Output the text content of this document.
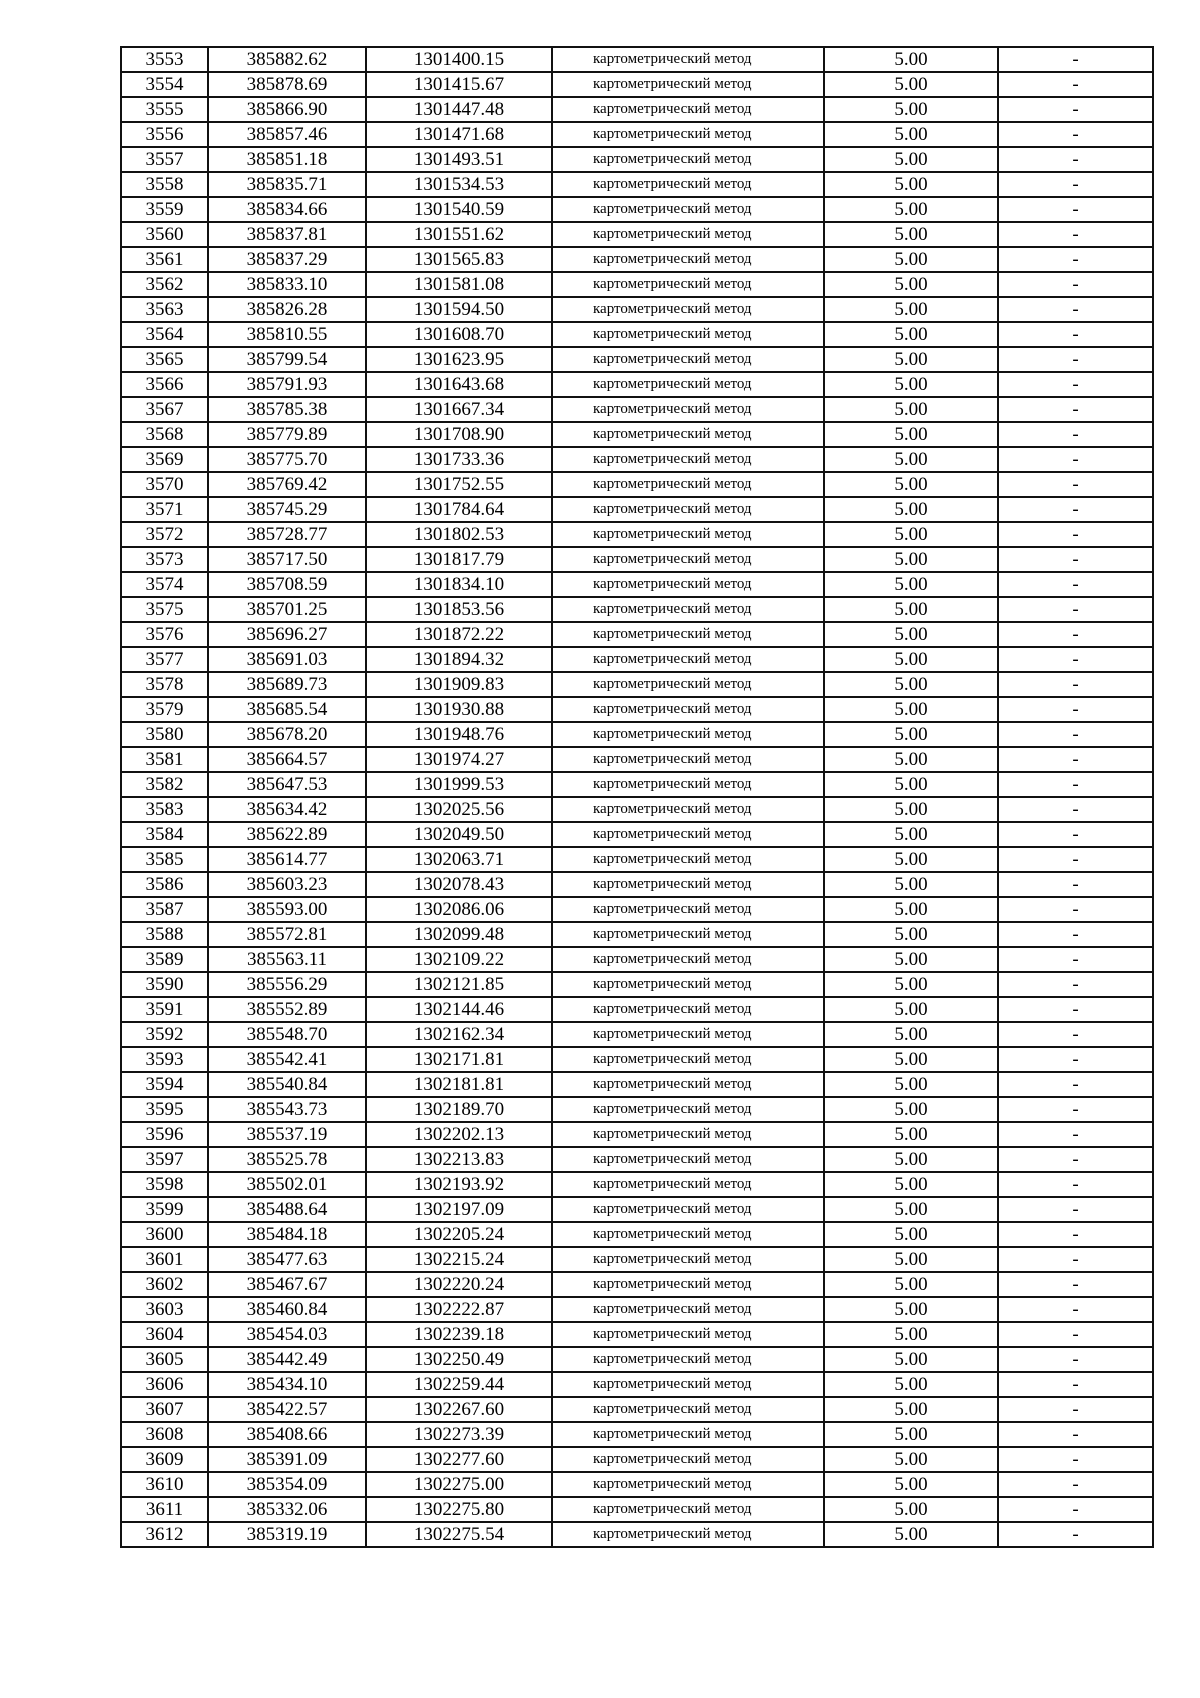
3553	385882.62	1301400.15	картометрический метод	5.00	-
3554	385878.69	1301415.67	картометрический метод	5.00	-
3555	385866.90	1301447.48	картометрический метод	5.00	-
3556	385857.46	1301471.68	картометрический метод	5.00	-
3557	385851.18	1301493.51	картометрический метод	5.00	-
3558	385835.71	1301534.53	картометрический метод	5.00	-
3559	385834.66	1301540.59	картометрический метод	5.00	-
3560	385837.81	1301551.62	картометрический метод	5.00	-
3561	385837.29	1301565.83	картометрический метод	5.00	-
3562	385833.10	1301581.08	картометрический метод	5.00	-
3563	385826.28	1301594.50	картометрический метод	5.00	-
3564	385810.55	1301608.70	картометрический метод	5.00	-
3565	385799.54	1301623.95	картометрический метод	5.00	-
3566	385791.93	1301643.68	картометрический метод	5.00	-
3567	385785.38	1301667.34	картометрический метод	5.00	-
3568	385779.89	1301708.90	картометрический метод	5.00	-
3569	385775.70	1301733.36	картометрический метод	5.00	-
3570	385769.42	1301752.55	картометрический метод	5.00	-
3571	385745.29	1301784.64	картометрический метод	5.00	-
3572	385728.77	1301802.53	картометрический метод	5.00	-
3573	385717.50	1301817.79	картометрический метод	5.00	-
3574	385708.59	1301834.10	картометрический метод	5.00	-
3575	385701.25	1301853.56	картометрический метод	5.00	-
3576	385696.27	1301872.22	картометрический метод	5.00	-
3577	385691.03	1301894.32	картометрический метод	5.00	-
3578	385689.73	1301909.83	картометрический метод	5.00	-
3579	385685.54	1301930.88	картометрический метод	5.00	-
3580	385678.20	1301948.76	картометрический метод	5.00	-
3581	385664.57	1301974.27	картометрический метод	5.00	-
3582	385647.53	1301999.53	картометрический метод	5.00	-
3583	385634.42	1302025.56	картометрический метод	5.00	-
3584	385622.89	1302049.50	картометрический метод	5.00	-
3585	385614.77	1302063.71	картометрический метод	5.00	-
3586	385603.23	1302078.43	картометрический метод	5.00	-
3587	385593.00	1302086.06	картометрический метод	5.00	-
3588	385572.81	1302099.48	картометрический метод	5.00	-
3589	385563.11	1302109.22	картометрический метод	5.00	-
3590	385556.29	1302121.85	картометрический метод	5.00	-
3591	385552.89	1302144.46	картометрический метод	5.00	-
3592	385548.70	1302162.34	картометрический метод	5.00	-
3593	385542.41	1302171.81	картометрический метод	5.00	-
3594	385540.84	1302181.81	картометрический метод	5.00	-
3595	385543.73	1302189.70	картометрический метод	5.00	-
3596	385537.19	1302202.13	картометрический метод	5.00	-
3597	385525.78	1302213.83	картометрический метод	5.00	-
3598	385502.01	1302193.92	картометрический метод	5.00	-
3599	385488.64	1302197.09	картометрический метод	5.00	-
3600	385484.18	1302205.24	картометрический метод	5.00	-
3601	385477.63	1302215.24	картометрический метод	5.00	-
3602	385467.67	1302220.24	картометрический метод	5.00	-
3603	385460.84	1302222.87	картометрический метод	5.00	-
3604	385454.03	1302239.18	картометрический метод	5.00	-
3605	385442.49	1302250.49	картометрический метод	5.00	-
3606	385434.10	1302259.44	картометрический метод	5.00	-
3607	385422.57	1302267.60	картометрический метод	5.00	-
3608	385408.66	1302273.39	картометрический метод	5.00	-
3609	385391.09	1302277.60	картометрический метод	5.00	-
3610	385354.09	1302275.00	картометрический метод	5.00	-
3611	385332.06	1302275.80	картометрический метод	5.00	-
3612	385319.19	1302275.54	картометрический метод	5.00	-
